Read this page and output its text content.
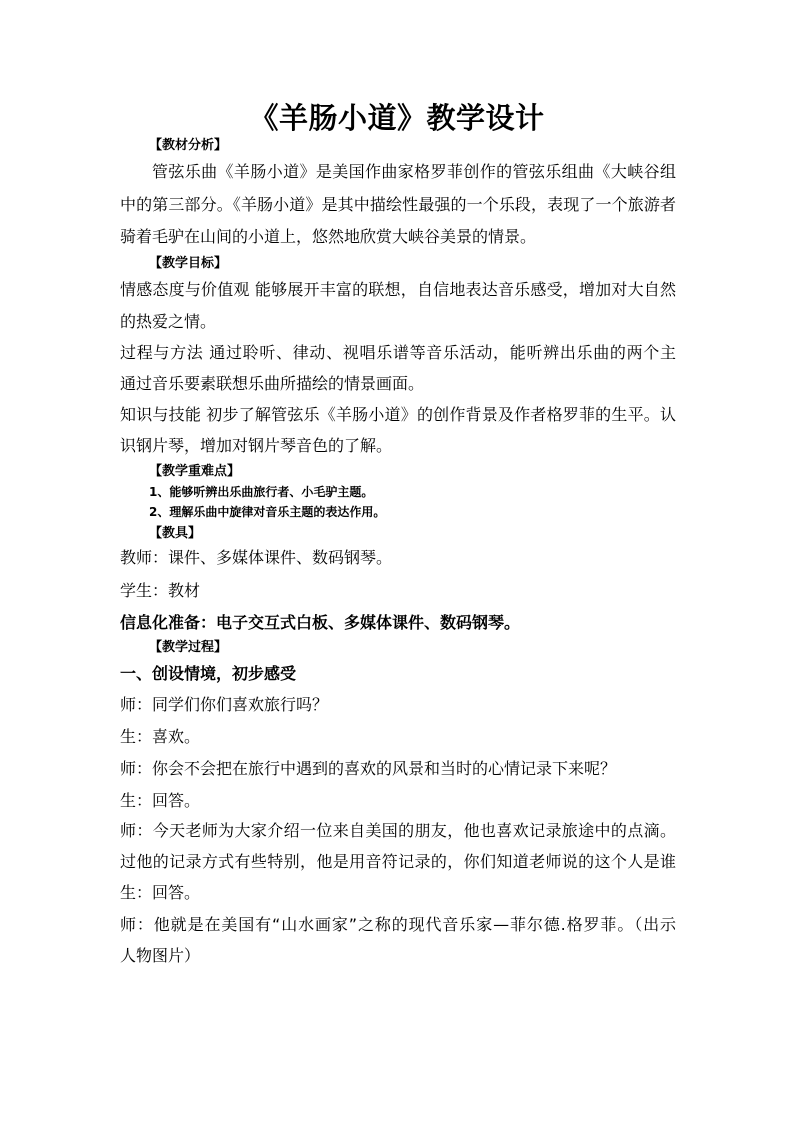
《羊肠小道》教学设计
【教材分析】
管弦乐曲《羊肠小道》是美国作曲家格罗菲创作的管弦乐组曲《大峡谷组
中的第三部分。《羊肠小道》是其中描绘性最强的一个乐段，表现了一个旅游者
骑着毛驴在山间的小道上，悠然地欣赏大峡谷美景的情景。
【教学目标】
情感态度与价值观 能够展开丰富的联想，自信地表达音乐感受，增加对大自然
的热爱之情。
过程与方法 通过聆听、律动、视唱乐谱等音乐活动，能听辨出乐曲的两个主
通过音乐要素联想乐曲所描绘的情景画面。
知识与技能 初步了解管弦乐《羊肠小道》的创作背景及作者格罗菲的生平。认
识钢片琴，增加对钢片琴音色的了解。
【教学重难点】
1、能够听辨出乐曲旅行者、小毛驴主题。
2、理解乐曲中旋律对音乐主题的表达作用。
【教具】
教师：课件、多媒体课件、数码钢琴。
学生：教材
信息化准备：电子交互式白板、多媒体课件、数码钢琴。
【教学过程】
一、创设情境，初步感受
师：同学们你们喜欢旅行吗？
生：喜欢。
师：你会不会把在旅行中遇到的喜欢的风景和当时的心情记录下来呢？
生：回答。
师：今天老师为大家介绍一位来自美国的朋友，他也喜欢记录旅途中的点滴。
过他的记录方式有些特别，他是用音符记录的，你们知道老师说的这个人是谁
生：回答。
师：他就是在美国有“山水画家”之称的现代音乐家—菲尔德.格罗菲。（出示
人物图片）
